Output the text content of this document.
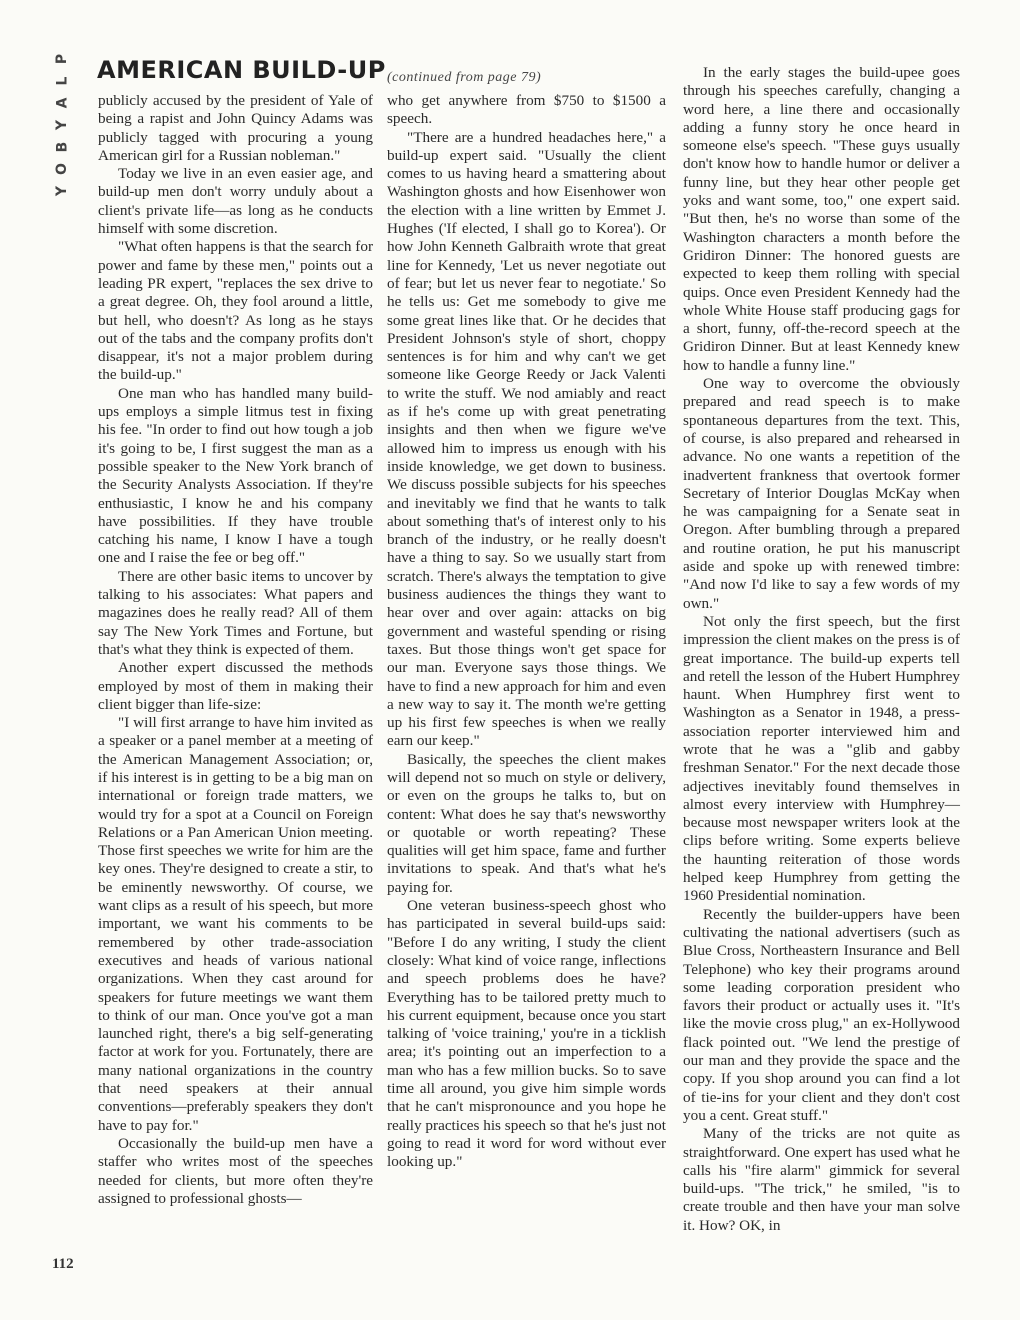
P
L
A
Y
B
O
Y
AMERICAN BUILD-UP (continued from page 79)

publicly accused by the president of Yale of being a rapist and John Quincy Adams was publicly tagged with procuring a young American girl for a Russian nobleman."

Today we live in an even easier age, and build-up men don't worry unduly about a client's private life—as long as he conducts himself with some discretion.

"What often happens is that the search for power and fame by these men," points out a leading PR expert, "replaces the sex drive to a great degree. Oh, they fool around a little, but hell, who doesn't? As long as he stays out of the tabs and the company profits don't disappear, it's not a major problem during the build-up."

One man who has handled many build-ups employs a simple litmus test in fixing his fee. "In order to find out how tough a job it's going to be, I first suggest the man as a possible speaker to the New York branch of the Security Analysts Association. If they're enthusiastic, I know he and his company have possibilities. If they have trouble catching his name, I know I have a tough one and I raise the fee or beg off."

There are other basic items to uncover by talking to his associates: What papers and magazines does he really read? All of them say The New York Times and Fortune, but that's what they think is expected of them.

Another expert discussed the methods employed by most of them in making their client bigger than life-size:

"I will first arrange to have him invited as a speaker or a panel member at a meeting of the American Management Association; or, if his interest is in getting to be a big man on international or foreign trade matters, we would try for a spot at a Council on Foreign Relations or a Pan American Union meeting. Those first speeches we write for him are the key ones. They're designed to create a stir, to be eminently newsworthy. Of course, we want clips as a result of his speech, but more important, we want his comments to be remembered by other trade-association executives and heads of various national organizations. When they cast around for speakers for future meetings we want them to think of our man. Once you've got a man launched right, there's a big self-generating factor at work for you. Fortunately, there are many national organizations in the country that need speakers at their annual conventions—preferably speakers they don't have to pay for."

Occasionally the build-up men have a staffer who writes most of the speeches needed for clients, but more often they're assigned to professional ghosts—

who get anywhere from $750 to $1500 a speech.

"There are a hundred headaches here," a build-up expert said. "Usually the client comes to us having heard a smattering about Washington ghosts and how Eisenhower won the election with a line written by Emmet J. Hughes ('If elected, I shall go to Korea'). Or how John Kenneth Galbraith wrote that great line for Kennedy, 'Let us never negotiate out of fear; but let us never fear to negotiate.' So he tells us: Get me somebody to give me some great lines like that. Or he decides that President Johnson's style of short, choppy sentences is for him and why can't we get someone like George Reedy or Jack Valenti to write the stuff. We nod amiably and react as if he's come up with great penetrating insights and then when we figure we've allowed him to impress us enough with his inside knowledge, we get down to business. We discuss possible subjects for his speeches and inevitably we find that he wants to talk about something that's of interest only to his branch of the industry, or he really doesn't have a thing to say. So we usually start from scratch. There's always the temptation to give business audiences the things they want to hear over and over again: attacks on big government and wasteful spending or rising taxes. But those things won't get space for our man. Everyone says those things. We have to find a new approach for him and even a new way to say it. The month we're getting up his first few speeches is when we really earn our keep."

Basically, the speeches the client makes will depend not so much on style or delivery, or even on the groups he talks to, but on content: What does he say that's newsworthy or quotable or worth repeating? These qualities will get him space, fame and further invitations to speak. And that's what he's paying for.

One veteran business-speech ghost who has participated in several build-ups said: "Before I do any writing, I study the client closely: What kind of voice range, inflections and speech problems does he have? Everything has to be tailored pretty much to his current equipment, because once you start talking of 'voice training,' you're in a ticklish area; it's pointing out an imperfection to a man who has a few million bucks. So to save time all around, you give him simple words that he can't mispronounce and you hope he really practices his speech so that he's just not going to read it word for word without ever looking up."

In the early stages the build-upee goes through his speeches carefully, changing a word here, a line there and occasionally adding a funny story he once heard in someone else's speech. "These guys usually don't know how to handle humor or deliver a funny line, but they hear other people get yoks and want some, too," one expert said. "But then, he's no worse than some of the Washington characters a month before the Gridiron Dinner: The honored guests are expected to keep them rolling with special quips. Once even President Kennedy had the whole White House staff producing gags for a short, funny, off-the-record speech at the Gridiron Dinner. But at least Kennedy knew how to handle a funny line."

One way to overcome the obviously prepared and read speech is to make spontaneous departures from the text. This, of course, is also prepared and rehearsed in advance. No one wants a repetition of the inadvertent frankness that overtook former Secretary of Interior Douglas McKay when he was campaigning for a Senate seat in Oregon. After bumbling through a prepared and routine oration, he put his manuscript aside and spoke up with renewed timbre: "And now I'd like to say a few words of my own."

Not only the first speech, but the first impression the client makes on the press is of great importance. The build-up experts tell and retell the lesson of the Hubert Humphrey haunt. When Humphrey first went to Washington as a Senator in 1948, a press-association reporter interviewed him and wrote that he was a "glib and gabby freshman Senator." For the next decade those adjectives inevitably found themselves in almost every interview with Humphrey—because most newspaper writers look at the clips before writing. Some experts believe the haunting reiteration of those words helped keep Humphrey from getting the 1960 Presidential nomination.

Recently the builder-uppers have been cultivating the national advertisers (such as Blue Cross, Northeastern Insurance and Bell Telephone) who key their programs around some leading corporation president who favors their product or actually uses it. "It's like the movie cross plug," an ex-Hollywood flack pointed out. "We lend the prestige of our man and they provide the space and the copy. If you shop around you can find a lot of tie-ins for your client and they don't cost you a cent. Great stuff."

Many of the tricks are not quite as straightforward. One expert has used what he calls his "fire alarm" gimmick for several build-ups. "The trick," he smiled, "is to create trouble and then have your man solve it. How? OK, in

112
